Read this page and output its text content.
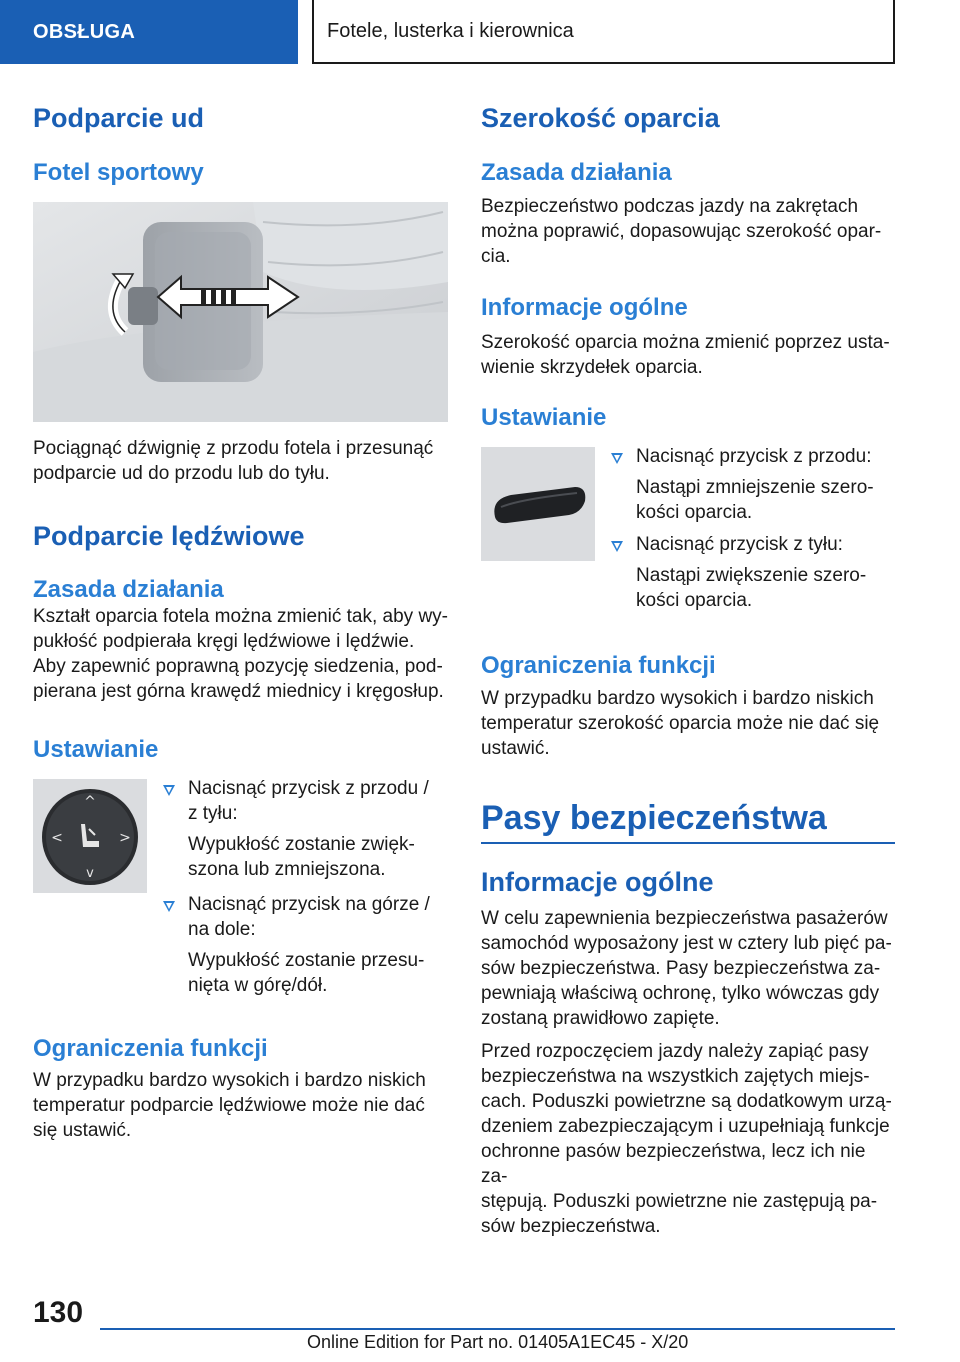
OBSŁUGA	Fotele, lusterka i kierownica
Podparcie ud
Fotel sportowy
Pociągnąć dźwignię z przodu fotela i przesunąć
podparcie ud do przodu lub do tyłu.
Podparcie lędźwiowe
Zasada działania
Kształt oparcia fotela można zmienić tak, aby wy-
pukłość podpierała kręgi lędźwiowe i lędźwie.
Aby zapewnić poprawną pozycję siedzenia, pod-
pierana jest górna krawędź miednicy i kręgosłup.
Ustawianie
^
v
<	>
Nacisnąć przycisk z przodu /
z tyłu:
Wypukłość zostanie zwięk-
szona lub zmniejszona.
Nacisnąć przycisk na górze /
na dole:
Wypukłość zostanie przesu-
nięta w górę/dół.
Ograniczenia funkcji
W przypadku bardzo wysokich i bardzo niskich
temperatur podparcie lędźwiowe może nie dać
się ustawić.
Szerokość oparcia
Zasada działania
Bezpieczeństwo podczas jazdy na zakrętach
można poprawić, dopasowując szerokość opar-
cia.
Informacje ogólne
Szerokość oparcia można zmienić poprzez usta-
wienie skrzydełek oparcia.
Ustawianie
Nacisnąć przycisk z przodu:
Nastąpi zmniejszenie szero-
kości oparcia.
Nacisnąć przycisk z tyłu:
Nastąpi zwiększenie szero-
kości oparcia.
Ograniczenia funkcji
W przypadku bardzo wysokich i bardzo niskich
temperatur szerokość oparcia może nie dać się
ustawić.
Pasy bezpieczeństwa
Informacje ogólne
W celu zapewnienia bezpieczeństwa pasażerów
samochód wyposażony jest w cztery lub pięć pa-
sów bezpieczeństwa. Pasy bezpieczeństwa za-
pewniają właściwą ochronę, tylko wówczas gdy
zostaną prawidłowo zapięte.
Przed rozpoczęciem jazdy należy zapiąć pasy
bezpieczeństwa na wszystkich zajętych miejs-
cach. Poduszki powietrzne są dodatkowym urzą-
dzeniem zabezpieczającym i uzupełniają funkcje
ochronne pasów bezpieczeństwa, lecz ich nie za-
stępują. Poduszki powietrzne nie zastępują pa-
sów bezpieczeństwa.
130
Online Edition for Part no. 01405A1EC45 - X/20
